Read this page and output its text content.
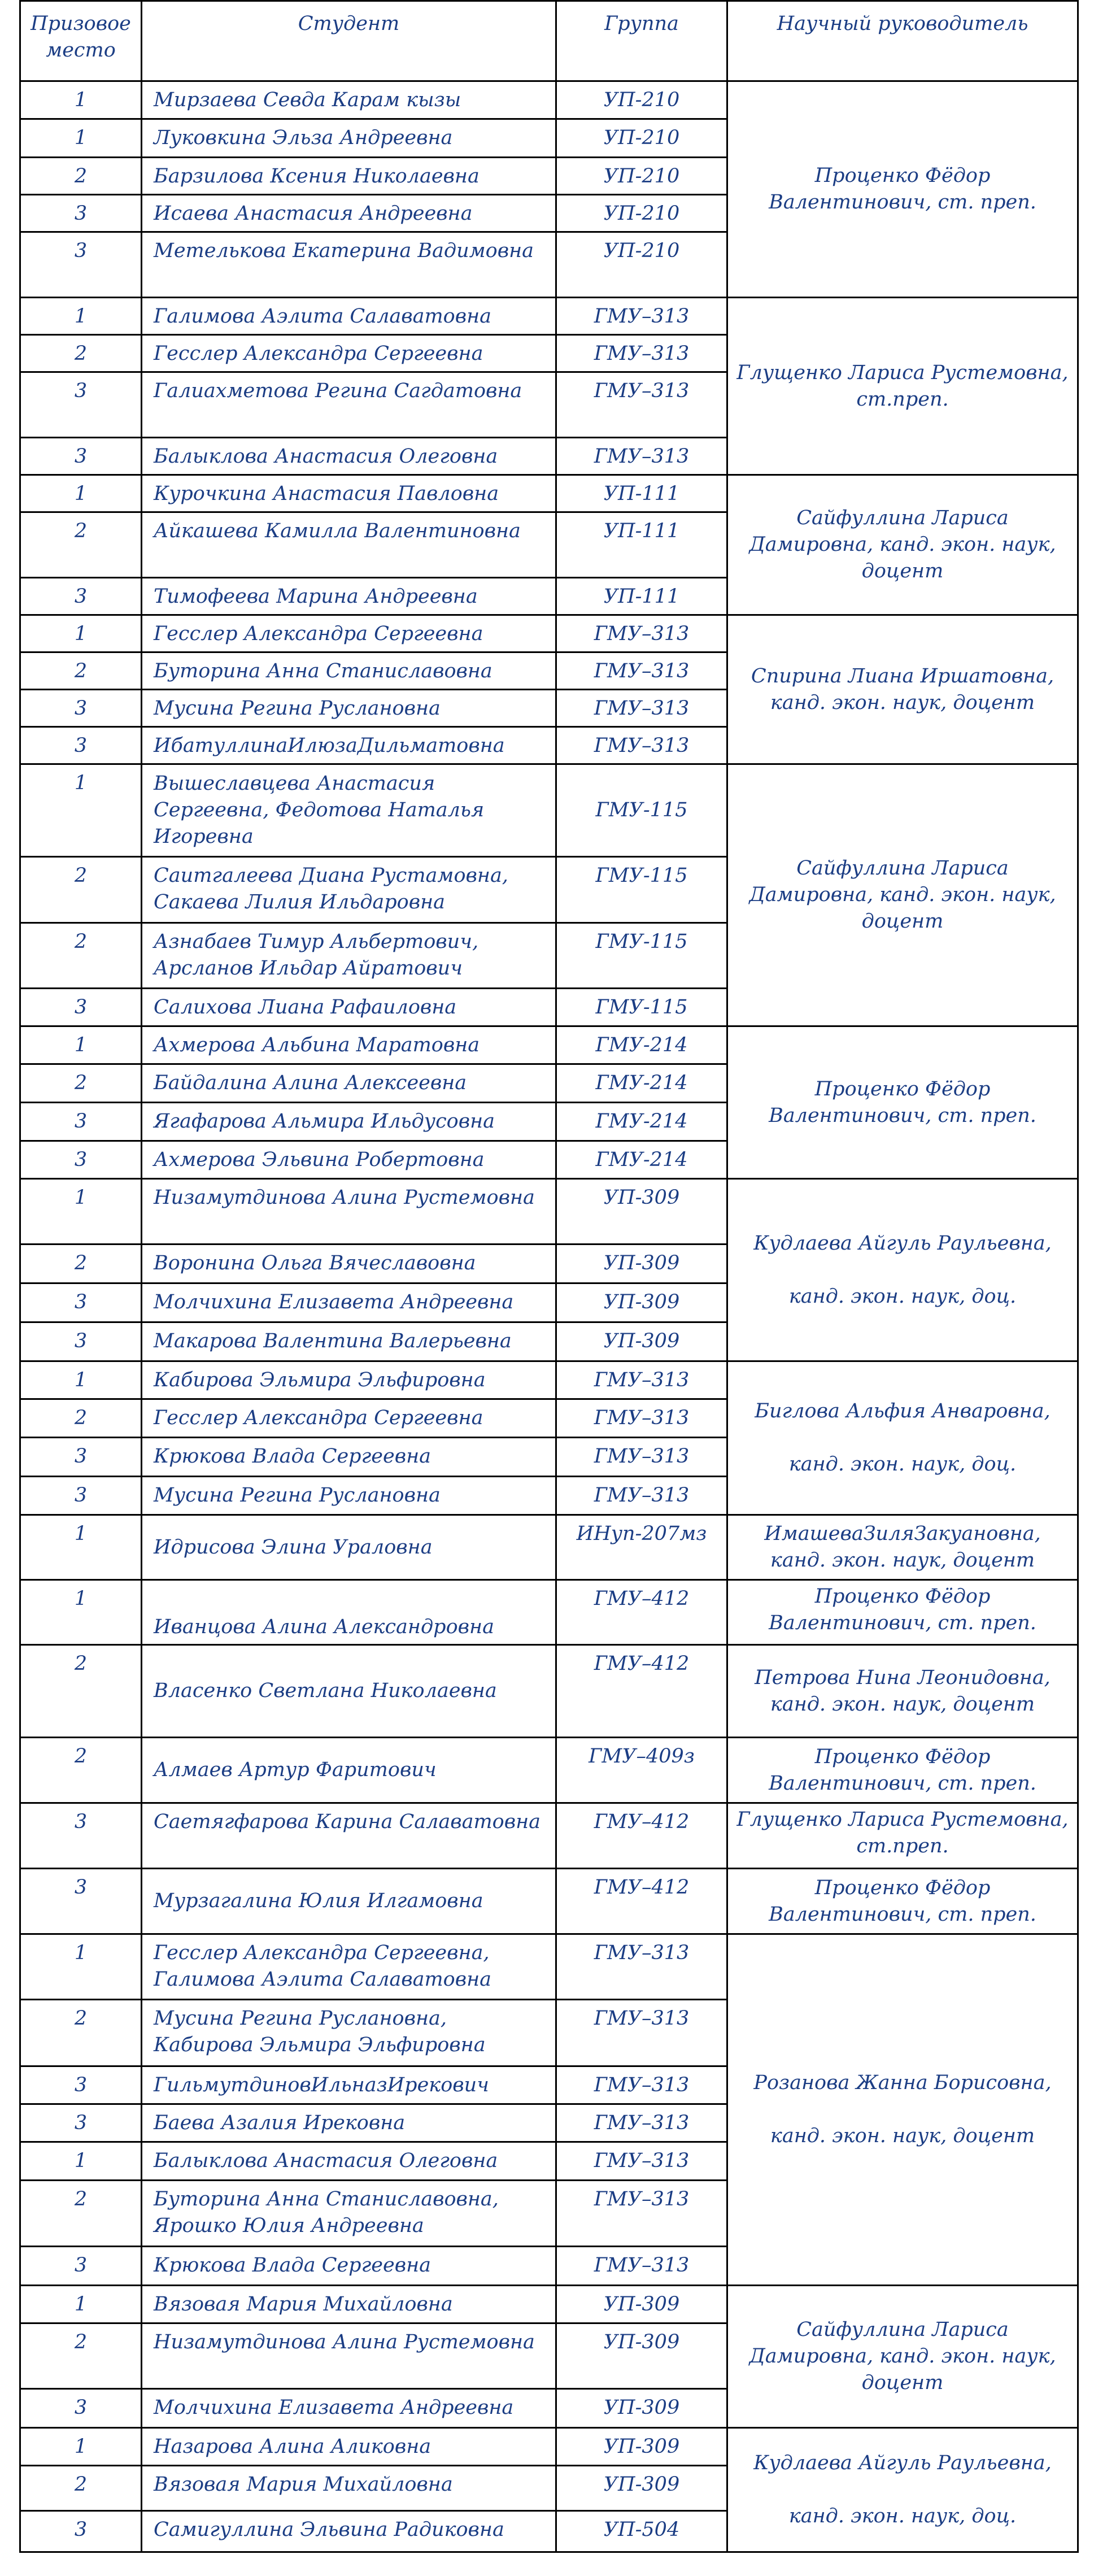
Призовое место	Студент	Группа	Научный руководитель
1	Мирзаева Севда Карам кызы	УП-210	Проценко Фёдор Валентинович, ст. преп.
1	Луковкина Эльза Андреевна	УП-210	
2	Барзилова Ксения Николаевна	УП-210	
3	Исаева Анастасия Андреевна	УП-210	
3	Метелькова Екатерина Вадимовна	УП-210	
1	Галимова Аэлита Салаватовна	ГМУ–313	Глущенко Лариса Рустемовна, ст.преп.
2	Гесслер Александра Сергеевна	ГМУ–313	
3	Галиахметова Регина Сагдатовна	ГМУ–313	
3	Балыклова Анастасия Олеговна	ГМУ–313	
1	Курочкина Анастасия Павловна	УП-111	Сайфуллина Лариса Дамировна, канд. экон. наук, доцент
2	Айкашева Камилла Валентиновна	УП-111	
3	Тимофеева Марина Андреевна	УП-111	
1	Гесслер Александра Сергеевна	ГМУ–313	Спирина Лиана Иршатовна, канд. экон. наук, доцент
2	Буторина Анна Станиславовна	ГМУ–313	
3	Мусина Регина Руслановна	ГМУ–313	
3	ИбатуллинаИлюзаДильматовна	ГМУ–313	
1	Вышеславцева Анастасия Сергеевна, Федотова Наталья Игоревна	ГМУ-115	Сайфуллина Лариса Дамировна, канд. экон. наук, доцент
2	Саитгалеева Диана Рустамовна, Сакаева Лилия Ильдаровна	ГМУ-115	
2	Азнабаев Тимур Альбертович, Арсланов Ильдар Айратович	ГМУ-115	
3	Салихова Лиана Рафаиловна	ГМУ-115	
1	Ахмерова Альбина Маратовна	ГМУ-214	Проценко Фёдор Валентинович, ст. преп.
2	Байдалина Алина Алексеевна	ГМУ-214	
3	Ягафарова Альмира Ильдусовна	ГМУ-214	
3	Ахмерова Эльвина Робертовна	ГМУ-214	
1	Низамутдинова Алина Рустемовна	УП-309	Кудлаева Айгуль Раульевна,
канд. экон. наук, доц.
2	Воронина Ольга Вячеславовна	УП-309	
3	Молчихина Елизавета Андреевна	УП-309	
3	Макарова Валентина Валерьевна	УП-309	
1	Кабирова Эльмира Эльфировна	ГМУ–313	Биглова Альфия Анваровна,
канд. экон. наук, доц.
2	Гесслер Александра Сергеевна	ГМУ–313	
3	Крюкова Влада Сергеевна	ГМУ–313	
3	Мусина Регина Руслановна	ГМУ–313	
1	Идрисова Элина Ураловна	ИНуп-207мз	ИмашеваЗиляЗакуановна, канд. экон. наук, доцент
1	Иванцова Алина Александровна	ГМУ–412	Проценко Фёдор Валентинович, ст. преп.
2	Власенко Светлана Николаевна	ГМУ–412	Петрова Нина Леонидовна, канд. экон. наук, доцент
2	Алмаев Артур Фаритович	ГМУ–409з	Проценко Фёдор Валентинович, ст. преп.
3	Саетягфарова Карина Салаватовна	ГМУ–412	Глущенко Лариса Рустемовна, ст.преп.
3	Мурзагалина Юлия Илгамовна	ГМУ–412	Проценко Фёдор Валентинович, ст. преп.
1	Гесслер Александра Сергеевна, Галимова Аэлита Салаватовна	ГМУ–313	Розанова Жанна Борисовна,
канд. экон. наук, доцент
2	Мусина Регина Руслановна, Кабирова Эльмира Эльфировна	ГМУ–313	
3	ГильмутдиновИльназИрекович	ГМУ–313	
3	Баева Азалия Ирековна	ГМУ–313	
1	Балыклова Анастасия Олеговна	ГМУ–313	
2	Буторина Анна Станиславовна, Ярошко Юлия Андреевна	ГМУ–313	
3	Крюкова Влада Сергеевна	ГМУ–313	
1	Вязовая Мария Михайловна	УП-309	Сайфуллина Лариса Дамировна, канд. экон. наук, доцент
2	Низамутдинова Алина Рустемовна	УП-309	
3	Молчихина Елизавета Андреевна	УП-309	
1	Назарова Алина Аликовна	УП-309	Кудлаева Айгуль Раульевна,
канд. экон. наук, доц.
2	Вязовая Мария Михайловна	УП-309	
3	Самигуллина Эльвина Радиковна	УП-504	
